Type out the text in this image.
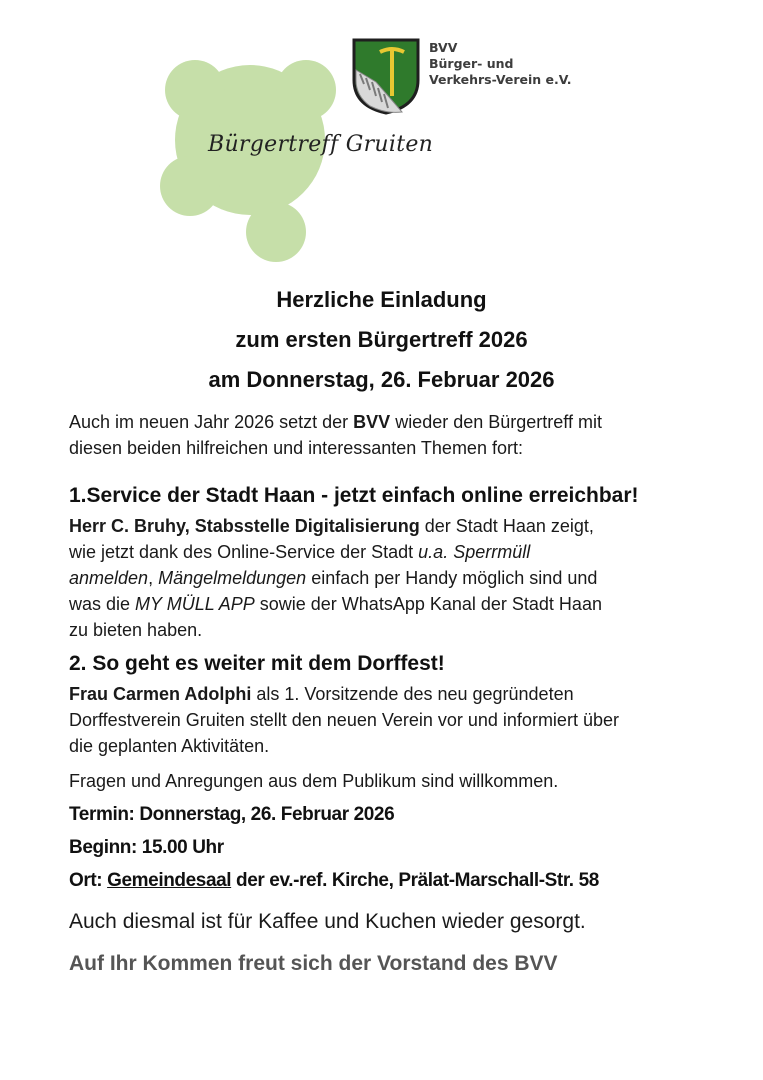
Bürgertreff Gruiten
BVV
Bürger- und
Verkehrs-Verein e.V.
Herzliche Einladung
zum ersten Bürgertreff 2026
am Donnerstag, 26. Februar 2026

Auch im neuen Jahr 2026 setzt der BVV wieder den Bürgertreff mit

diesen beiden hilfreichen und interessanten Themen fort:

1.Service der Stadt Haan - jetzt einfach online erreichbar!

Herr C. Bruhy, Stabsstelle Digitalisierung der Stadt Haan zeigt,

wie jetzt dank des Online-Service der Stadt u.a. Sperrmüll

anmelden, Mängelmeldungen einfach per Handy möglich sind und

was die MY MÜLL APP sowie der WhatsApp Kanal der Stadt Haan

zu bieten haben.

2. So geht es weiter mit dem Dorffest!

Frau Carmen Adolphi als 1. Vorsitzende des neu gegründeten

Dorffestverein Gruiten stellt den neuen Verein vor und informiert über

die geplanten Aktivitäten.

Fragen und Anregungen aus dem Publikum sind willkommen.

Termin: Donnerstag, 26. Februar 2026
Beginn: 15.00 Uhr
Ort: Gemeindesaal der ev.-ref. Kirche, Prälat-Marschall-Str. 58

Auch diesmal ist für Kaffee und Kuchen wieder gesorgt.

Auf Ihr Kommen freut sich der Vorstand des BVV
